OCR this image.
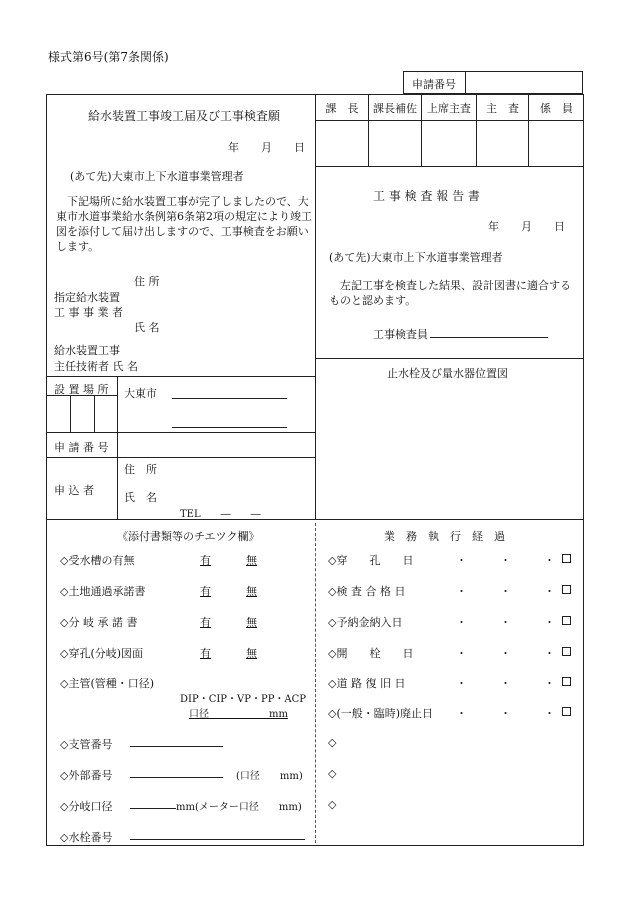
様式第6号(第7条関係)
申請番号
給水装置工事竣工届及び工事検査願
年　　月　　日
(あて先)大東市上下水道事業管理者
下記場所に給水装置工事が完了しましたので、大東市水道事業給水条例第6条第2項の規定により竣工図を添付して届け出しますので、工事検査をお願いします。
住 所
指定給水装置
工 事 事 業 者
氏 名
給水装置工事
主任技術者 氏 名
設 置 場 所 大東市
申 請 番 号
申 込 者
住　所
氏　名
TEL　　―　　―
課　長	課長補佐 上席主査	主　査	係　員
工 事 検 査 報 告 書
年　　月　　日
(あて先)大東市上下水道事業管理者
左記工事を検査した結果、設計図書に適合するものと認めます。
工事検査員
止水栓及び量水器位置図
《添付書類等のチエツク欄》
◇受水槽の有無	有	無
◇土地通過承諾書	有	無
◇分 岐 承 諾 書	有	無
◇穿孔(分岐)図面	有	無
◇主管(管種・口径)
DIP・CIP・VP・PP・ACP
口径　　　　　　mm
◇支管番号
◇外部番号	(口径　　mm)
◇分岐口径	mm(メーター口径　　mm)
◇水栓番号
業　務　執　行　経　過
◇穿　　孔　　日	・　　　・　　　・
◇検 査 合 格 日	・　　　・　　　・
◇予納金納入日	・　　　・　　　・
◇開　　栓　　日	・　　　・　　　・
◇道 路 復 旧 日	・　　　・　　　・
◇(一般・臨時)廃止日 ・　　　・　　　・
◇
◇
◇
